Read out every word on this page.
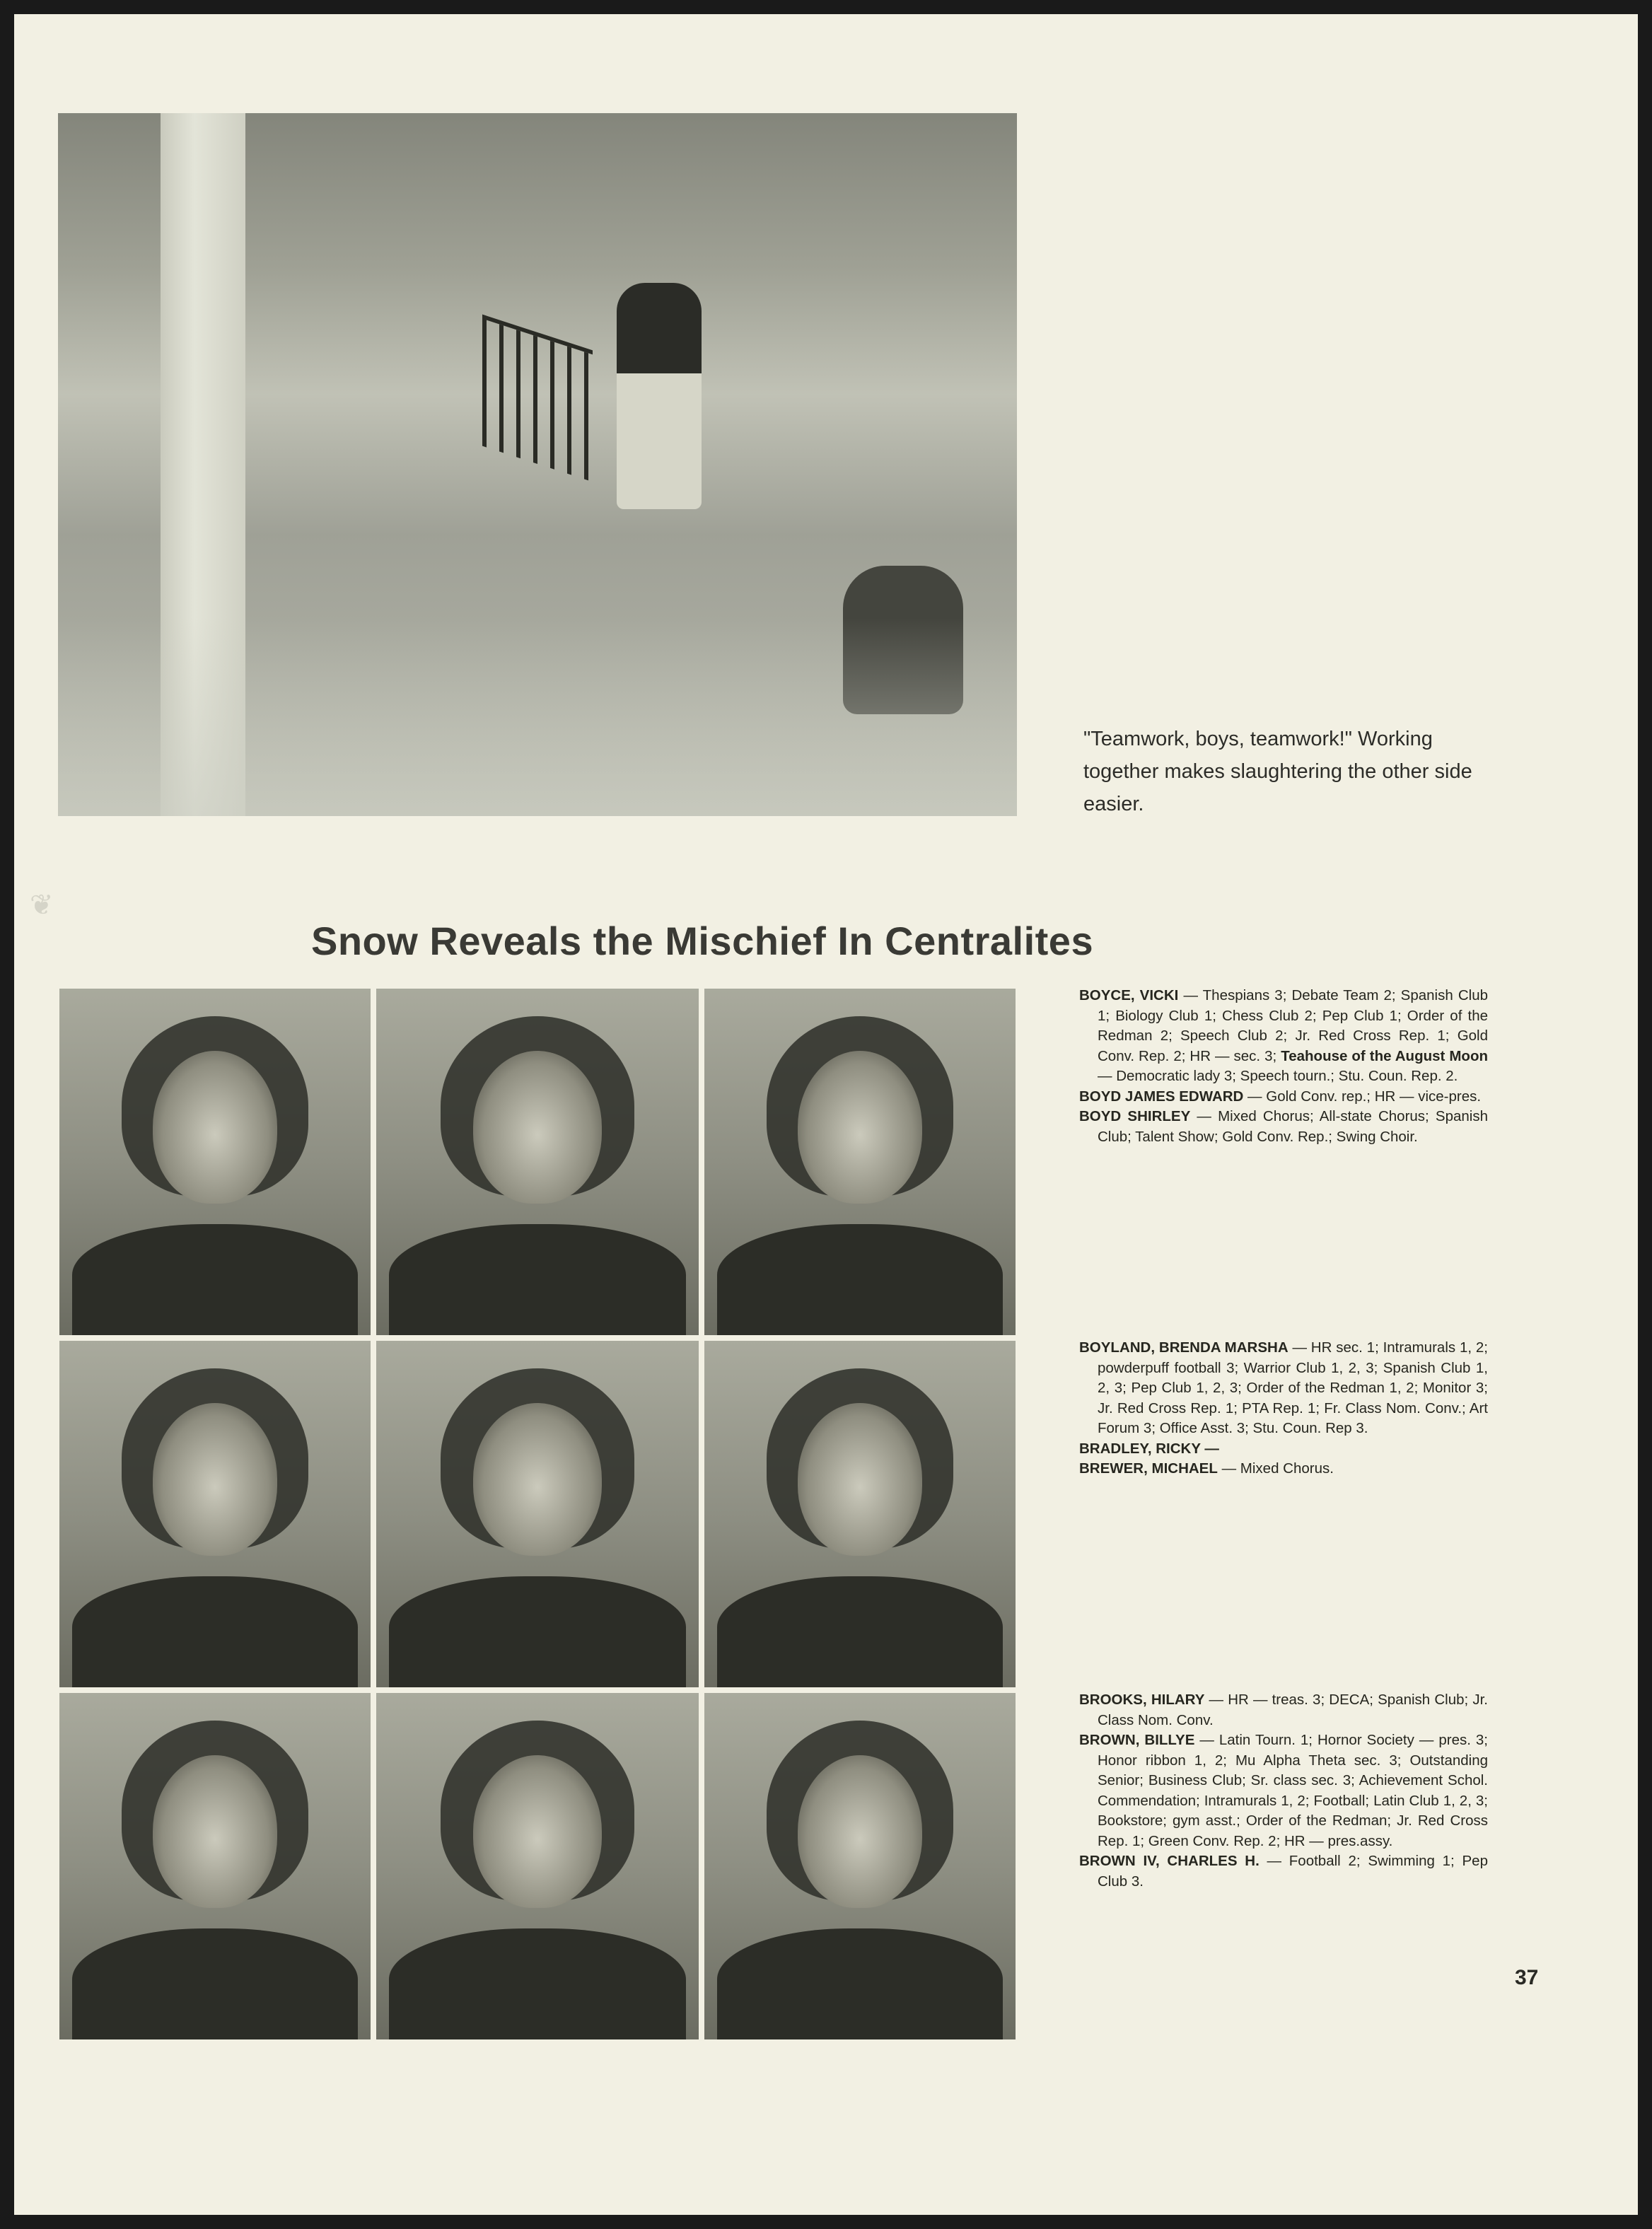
"Teamwork, boys, teamwork!" Working together makes slaughtering the other side easier.
❦
Snow Reveals the Mischief In Centralites

BOYCE, VICKI — Thespians 3; Debate Team 2; Spanish Club 1; Biology Club 1; Chess Club 2; Pep Club 1; Order of the Redman 2; Speech Club 2; Jr. Red Cross Rep. 1; Gold Conv. Rep. 2; HR — sec. 3; Teahouse of the August Moon — Democratic lady 3; Speech tourn.; Stu. Coun. Rep. 2.

BOYD JAMES EDWARD — Gold Conv. rep.; HR — vice-pres.

BOYD SHIRLEY — Mixed Chorus; All-state Chorus; Spanish Club; Talent Show; Gold Conv. Rep.; Swing Choir.

BOYLAND, BRENDA MARSHA — HR sec. 1; Intramurals 1, 2; powderpuff football 3; Warrior Club 1, 2, 3; Spanish Club 1, 2, 3; Pep Club 1, 2, 3; Order of the Redman 1, 2; Monitor 3; Jr. Red Cross Rep. 1; PTA Rep. 1; Fr. Class Nom. Conv.; Art Forum 3; Office Asst. 3; Stu. Coun. Rep 3.

BRADLEY, RICKY —

BREWER, MICHAEL — Mixed Chorus.

BROOKS, HILARY — HR — treas. 3; DECA; Spanish Club; Jr. Class Nom. Conv.

BROWN, BILLYE — Latin Tourn. 1; Hornor Society — pres. 3; Honor ribbon 1, 2; Mu Alpha Theta sec. 3; Outstanding Senior; Business Club; Sr. class sec. 3; Achievement Schol. Commendation; Intramurals 1, 2; Football; Latin Club 1, 2, 3; Bookstore; gym asst.; Order of the Redman; Jr. Red Cross Rep. 1; Green Conv. Rep. 2; HR — pres.assy.

BROWN IV, CHARLES H. — Football 2; Swimming 1; Pep Club 3.

37
